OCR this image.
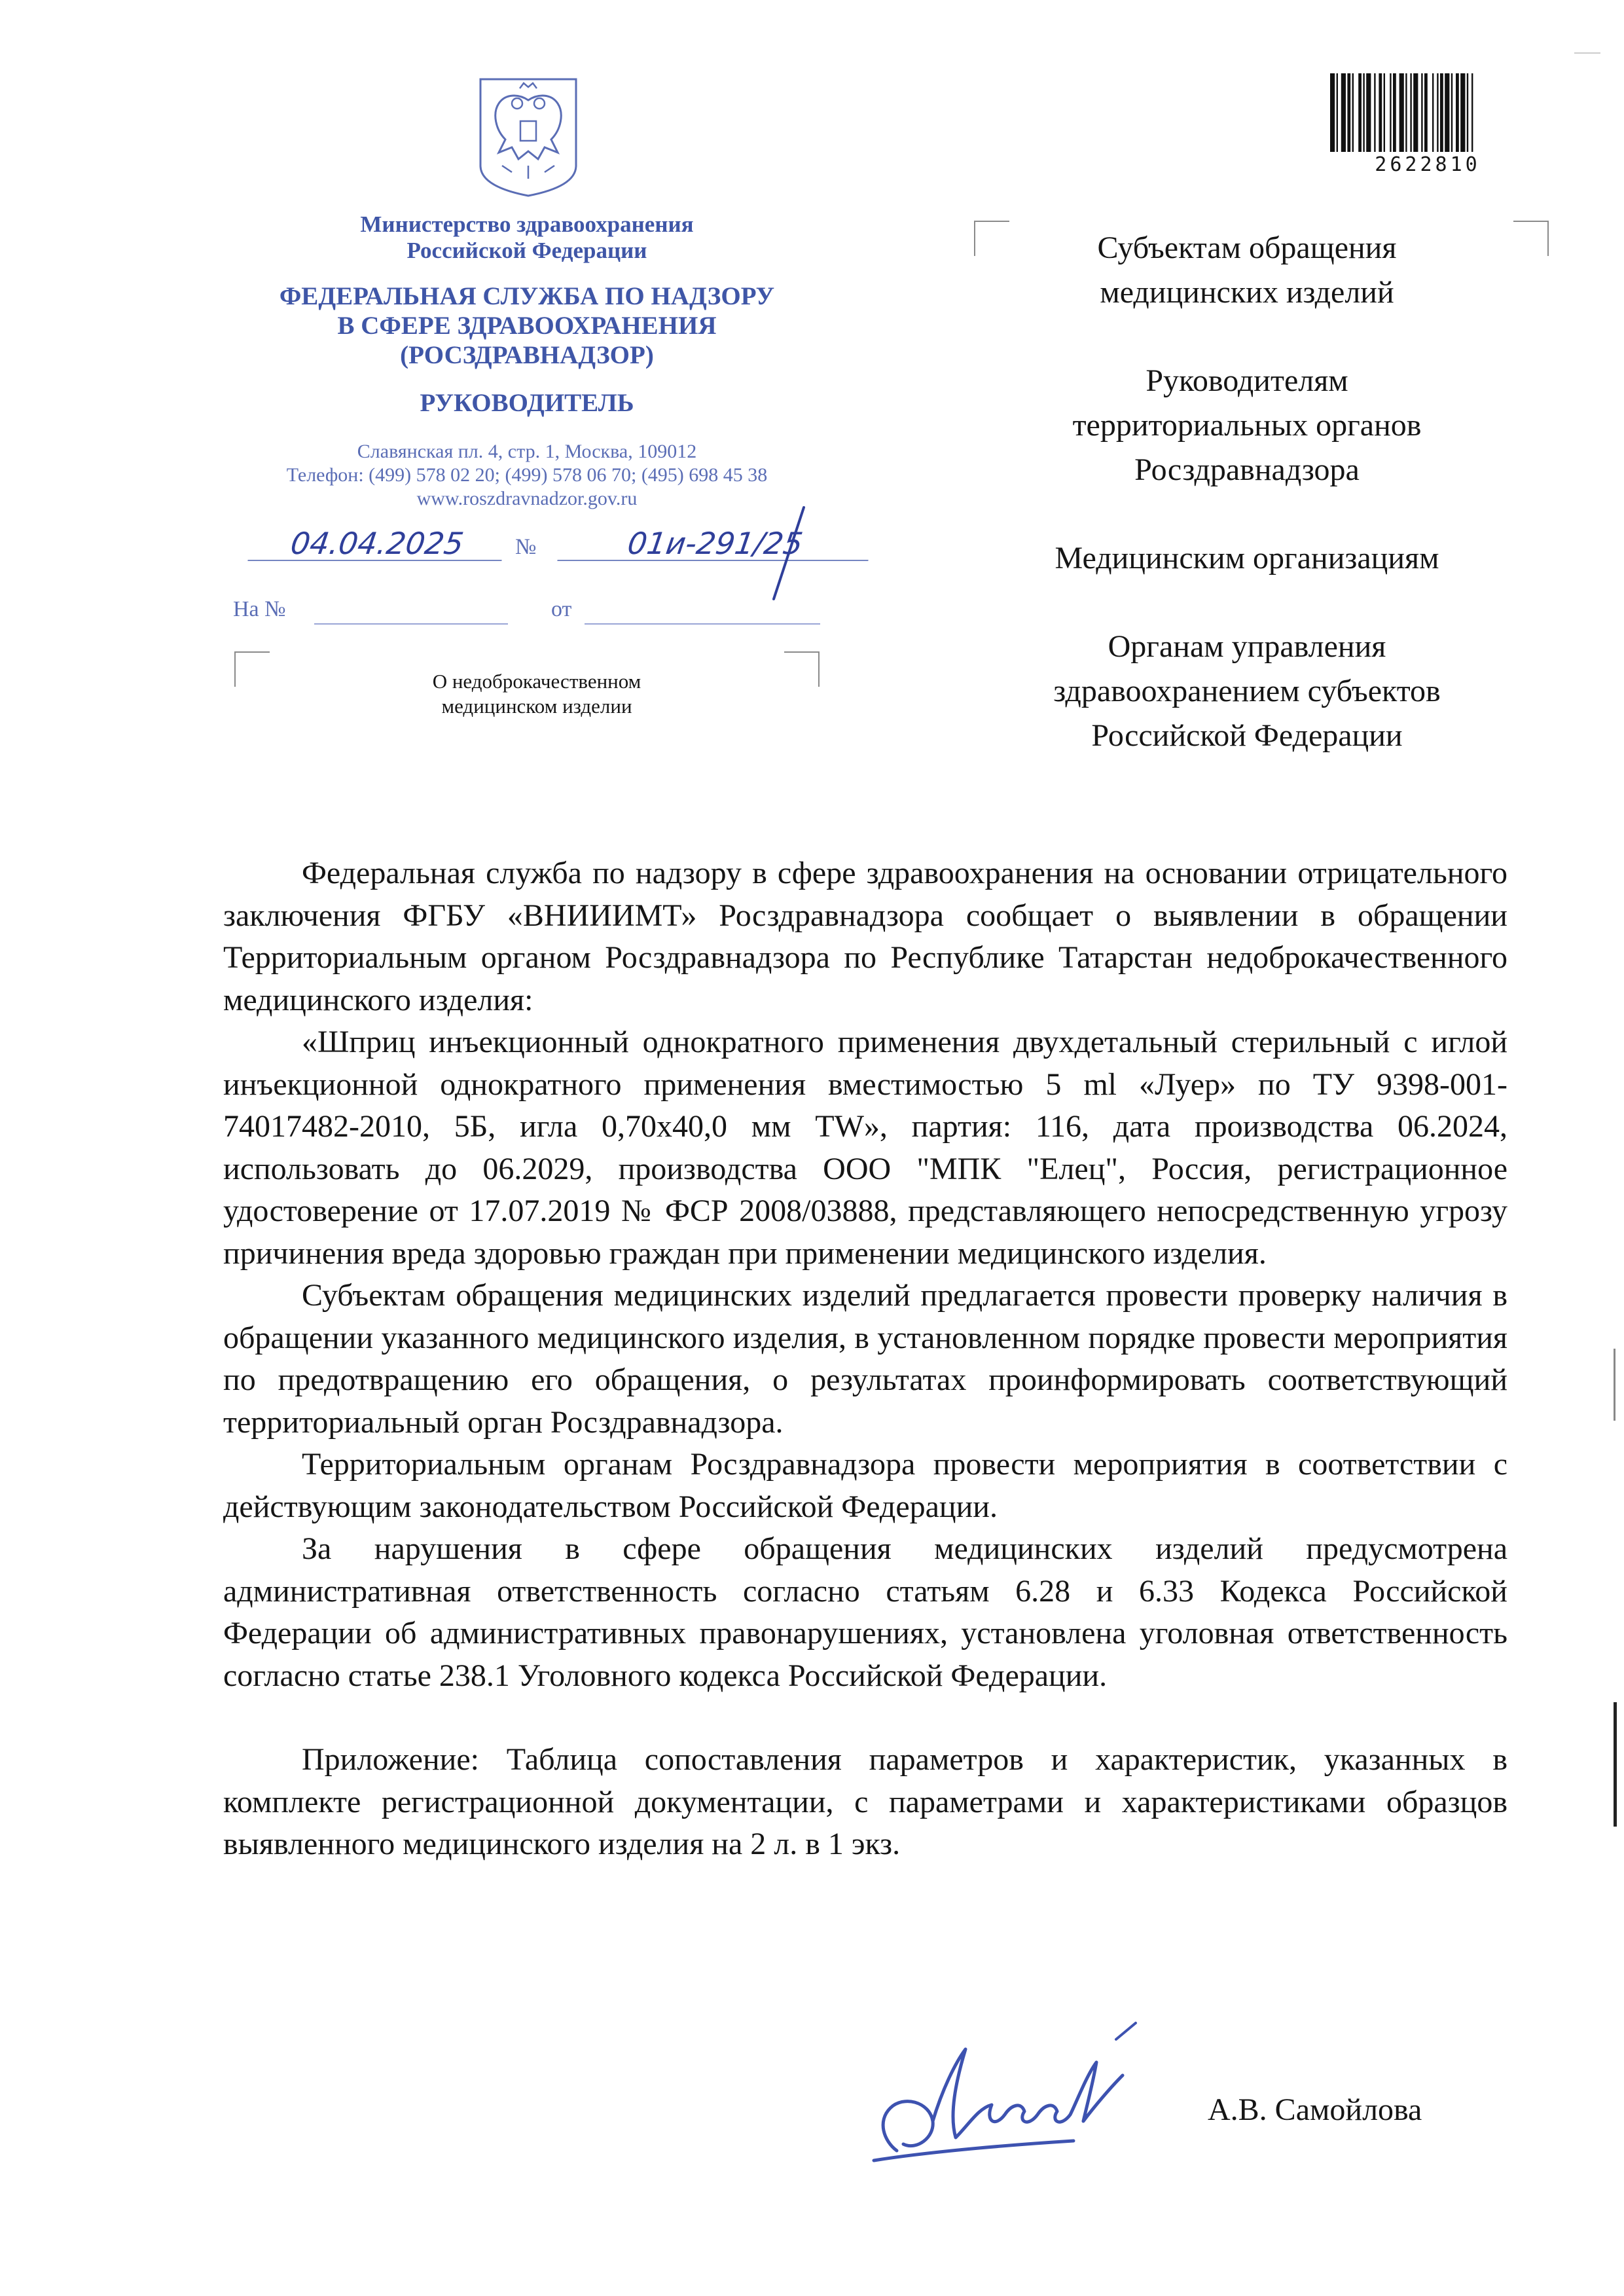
Министерство здравоохранения
Российской Федерации
ФЕДЕРАЛЬНАЯ СЛУЖБА ПО НАДЗОРУ
В СФЕРЕ ЗДРАВООХРАНЕНИЯ
(РОСЗДРАВНАДЗОР)
РУКОВОДИТЕЛЬ
Славянская пл. 4, стр. 1, Москва, 109012
Телефон: (499) 578 02 20; (499) 578 06 70; (495) 698 45 38
www.roszdravnadzor.gov.ru
04.04.2025	№	01и-291/25
На №	от
О недоброкачественном
медицинском изделии
2622810
Субъектам обращения
медицинских изделий
Руководителям
территориальных органов
Росздравнадзора
Медицинским организациям
Органам управления
здравоохранением субъектов
Российской Федерации

Федеральная служба по надзору в сфере здравоохранения на основании отрицательного заключения ФГБУ «ВНИИИМТ» Росздравнадзора сообщает о выявлении в обращении Территориальным органом Росздравнадзора по Республике Татарстан недоброкачественного медицинского изделия:

«Шприц инъекционный однократного применения двухдетальный стерильный с иглой инъекционной однократного применения вместимостью 5 ml «Луер» по ТУ 9398-001-74017482-2010, 5Б, игла 0,70х40,0 мм TW», партия: 116, дата производства 06.2024, использовать до 06.2029, производства ООО "МПК "Елец", Россия, регистрационное удостоверение от 17.07.2019 № ФСР 2008/03888, представляющего непосредственную угрозу причинения вреда здоровью граждан при применении медицинского изделия.

Субъектам обращения медицинских изделий предлагается провести проверку наличия в обращении указанного медицинского изделия, в установленном порядке провести мероприятия по предотвращению его обращения, о результатах проинформировать соответствующий территориальный орган Росздравнадзора.

Территориальным органам Росздравнадзора провести мероприятия в соответствии с действующим законодательством Российской Федерации.

За нарушения в сфере обращения медицинских изделий предусмотрена административная ответственность согласно статьям 6.28 и 6.33 Кодекса Российской Федерации об административных правонарушениях, установлена уголовная ответственность согласно статье 238.1 Уголовного кодекса Российской Федерации.

Приложение: Таблица сопоставления параметров и характеристик, указанных в комплекте регистрационной документации, с параметрами и характеристиками образцов выявленного медицинского изделия на 2 л. в 1 экз.

А.В. Самойлова
